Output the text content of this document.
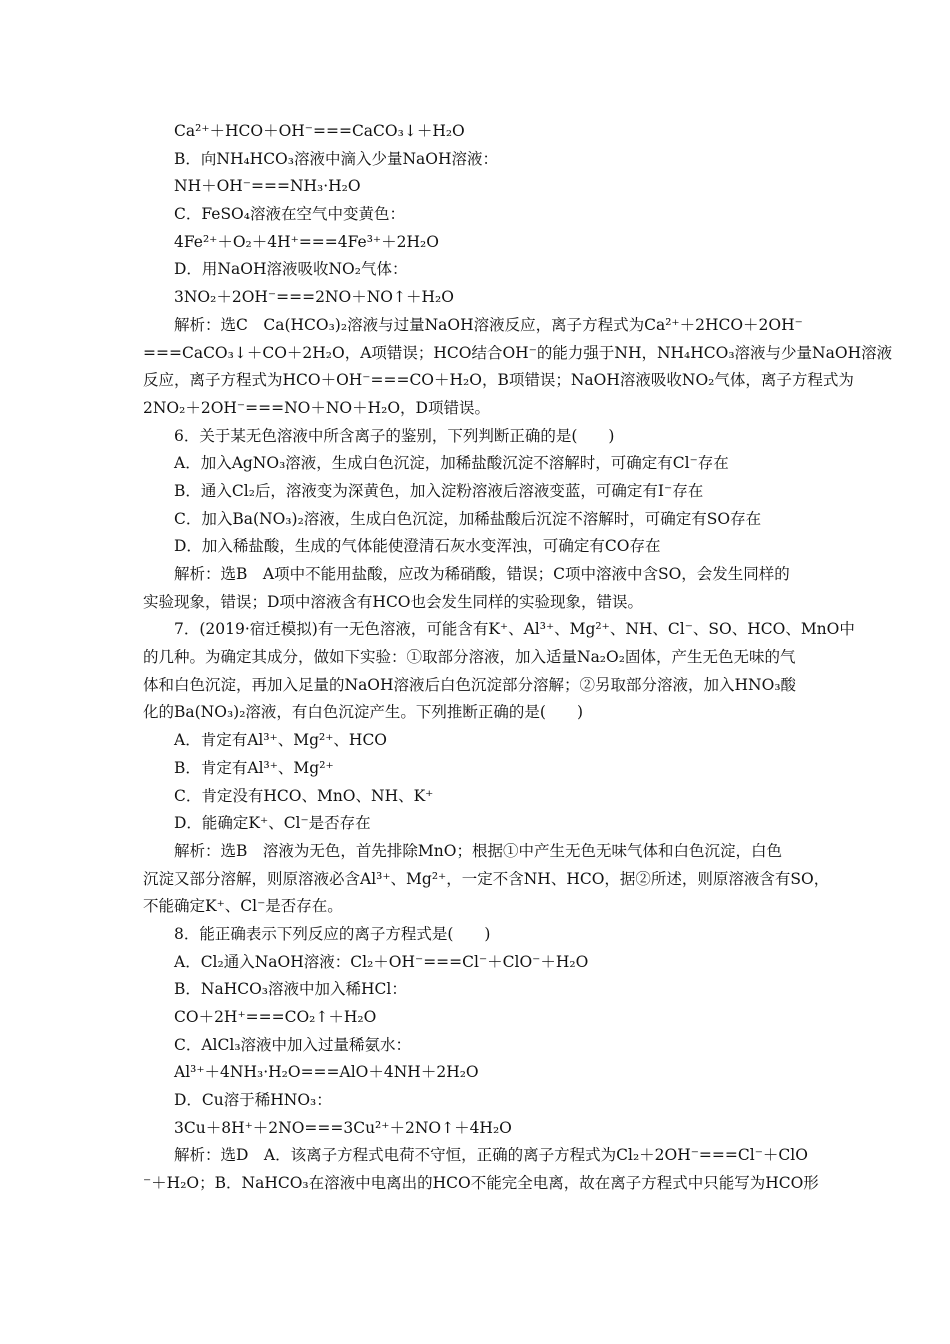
Ca²⁺＋HCO＋OH⁻===CaCO₃↓＋H₂O
B．向NH₄HCO₃溶液中滴入少量NaOH溶液：
NH＋OH⁻===NH₃·H₂O
C．FeSO₄溶液在空气中变黄色：
4Fe²⁺＋O₂＋4H⁺===4Fe³⁺＋2H₂O
D．用NaOH溶液吸收NO₂气体：
3NO₂＋2OH⁻===2NO＋NO↑＋H₂O
解析：选C　Ca(HCO₃)₂溶液与过量NaOH溶液反应，离子方程式为Ca²⁺＋2HCO＋2OH⁻
===CaCO₃↓＋CO＋2H₂O，A项错误；HCO结合OH⁻的能力强于NH，NH₄HCO₃溶液与少量NaOH溶液
反应，离子方程式为HCO＋OH⁻===CO＋H₂O，B项错误；NaOH溶液吸收NO₂气体，离子方程式为
2NO₂＋2OH⁻===NO＋NO＋H₂O，D项错误。
6．关于某无色溶液中所含离子的鉴别，下列判断正确的是(　　)
A．加入AgNO₃溶液，生成白色沉淀，加稀盐酸沉淀不溶解时，可确定有Cl⁻存在
B．通入Cl₂后，溶液变为深黄色，加入淀粉溶液后溶液变蓝，可确定有I⁻存在
C．加入Ba(NO₃)₂溶液，生成白色沉淀，加稀盐酸后沉淀不溶解时，可确定有SO存在
D．加入稀盐酸，生成的气体能使澄清石灰水变浑浊，可确定有CO存在
解析：选B　A项中不能用盐酸，应改为稀硝酸，错误；C项中溶液中含SO，会发生同样的
实验现象，错误；D项中溶液含有HCO也会发生同样的实验现象，错误。
7．(2019·宿迁模拟)有一无色溶液，可能含有K⁺、Al³⁺、Mg²⁺、NH、Cl⁻、SO、HCO、MnO中
的几种。为确定其成分，做如下实验：①取部分溶液，加入适量Na₂O₂固体，产生无色无味的气
体和白色沉淀，再加入足量的NaOH溶液后白色沉淀部分溶解；②另取部分溶液，加入HNO₃酸
化的Ba(NO₃)₂溶液，有白色沉淀产生。下列推断正确的是(　　)
A．肯定有Al³⁺、Mg²⁺、HCO
B．肯定有Al³⁺、Mg²⁺
C．肯定没有HCO、MnO、NH、K⁺
D．能确定K⁺、Cl⁻是否存在
解析：选B　溶液为无色，首先排除MnO；根据①中产生无色无味气体和白色沉淀，白色
沉淀又部分溶解，则原溶液必含Al³⁺、Mg²⁺，一定不含NH、HCO，据②所述，则原溶液含有SO，
不能确定K⁺、Cl⁻是否存在。
8．能正确表示下列反应的离子方程式是(　　)
A．Cl₂通入NaOH溶液：Cl₂＋OH⁻===Cl⁻＋ClO⁻＋H₂O
B．NaHCO₃溶液中加入稀HCl：
CO＋2H⁺===CO₂↑＋H₂O
C．AlCl₃溶液中加入过量稀氨水：
Al³⁺＋4NH₃·H₂O===AlO＋4NH＋2H₂O
D．Cu溶于稀HNO₃：
3Cu＋8H⁺＋2NO===3Cu²⁺＋2NO↑＋4H₂O
解析：选D　A．该离子方程式电荷不守恒，正确的离子方程式为Cl₂＋2OH⁻===Cl⁻＋ClO
⁻＋H₂O；B．NaHCO₃在溶液中电离出的HCO不能完全电离，故在离子方程式中只能写为HCO形
